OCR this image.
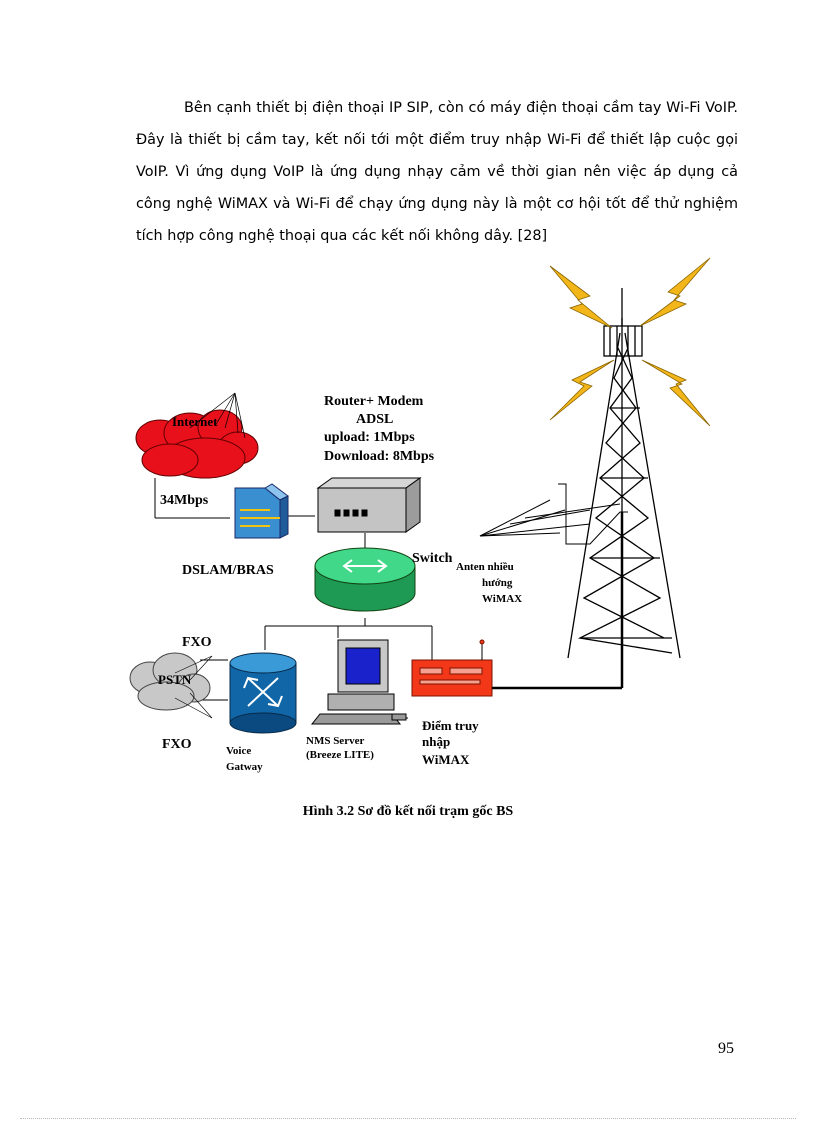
Bên cạnh thiết bị điện thoại IP SIP, còn có máy điện thoại cầm tay Wi-Fi VoIP. Đây là thiết bị cầm tay, kết nối tới một điểm truy nhập Wi-Fi để thiết lập cuộc gọi VoIP. Vì ứng dụng VoIP là ứng dụng nhạy cảm về thời gian nên việc áp dụng cả công nghệ WiMAX và Wi-Fi để chạy ứng dụng này là một cơ hội tốt để thử nghiệm tích hợp công nghệ thoại qua các kết nối không dây. [28]

Internet
34Mbps
Router+ Modem
ADSL
upload: 1Mbps
Download: 8Mbps
DSLAM/BRAS
Switch
Anten nhiều
hướng
WiMAX
FXO
PSTN
FXO	Voice
Gatway
NMS Server
(Breeze LITE)
Điểm truy
nhập
WiMAX

Hình 3.2 Sơ đồ kết nối trạm gốc BS

95
